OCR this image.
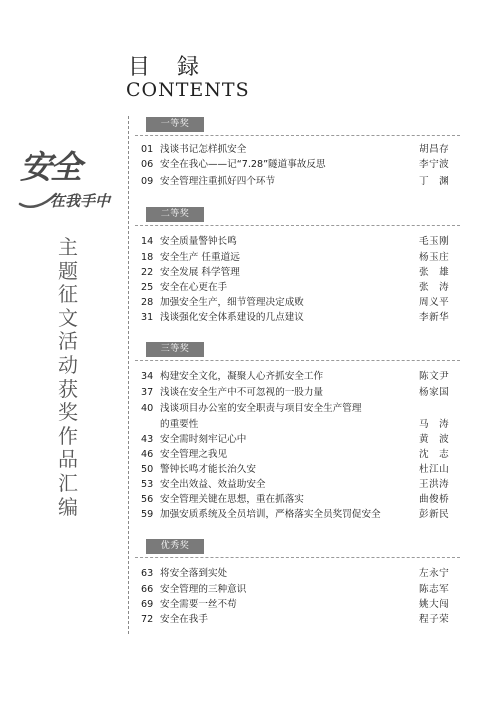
目 録
CONTENTS
安全
在我手中
主
题
征
文
活
动
获
奖
作
品
汇
编
一等奖
01 浅谈书记怎样抓安全	胡昌存
06 安全在我心——记“7.28”隧道事故反思	李宁波
09 安全管理注重抓好四个环节	丁　渊
二等奖
14 安全质量警钟长鸣	毛玉刚
18 安全生产 任重道远	杨玉庄
22 安全发展 科学管理	张　雄
25 安全在心更在手	张　涛
28 加强安全生产，细节管理决定成败	周义平
31 浅谈强化安全体系建设的几点建议	李新华
三等奖
34 构建安全文化，凝聚人心齐抓安全工作	陈文尹
37 浅谈在安全生产中不可忽视的一股力量	杨家国
40 浅谈项目办公室的安全职责与项目安全生产管理
的重要性	马　涛
43 安全需时刻牢记心中	黄　波
46 安全管理之我见	沈　志
50 警钟长鸣才能长治久安	杜江山
53 安全出效益、效益助安全	王洪涛
56 安全管理关键在思想，重在抓落实	曲俊桥
59 加强安质系统及全员培训，严格落实全员奖罚促安全	彭新民
优秀奖
63 将安全落到实处	左永宁
66 安全管理的三种意识	陈志军
69 安全需要一丝不苟	姚大闯
72 安全在我手	程子荣
